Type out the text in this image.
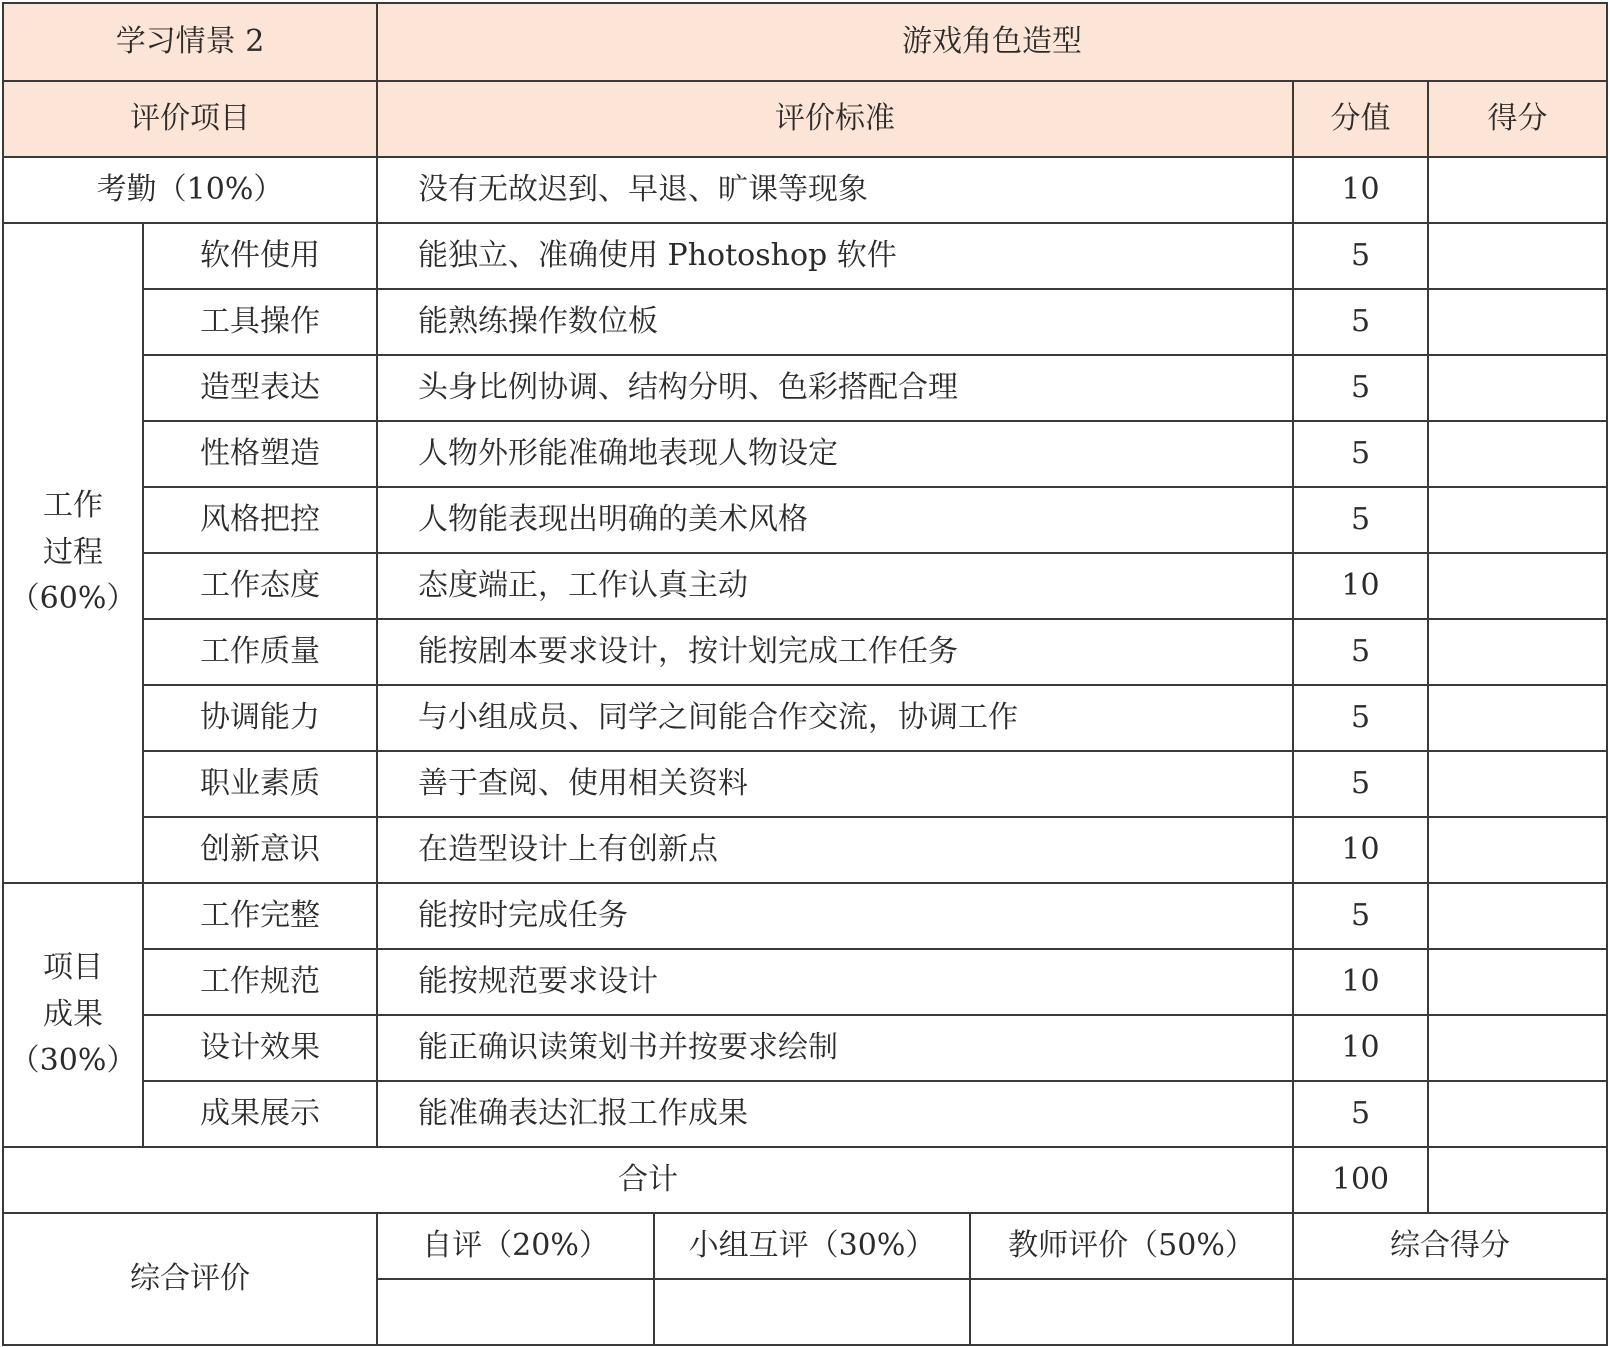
学习情景 2		游戏角色造型				
评价项目		评价标准			分值	得分
考勤（10%）		没有无故迟到、早退、旷课等现象			10	

工作
过程
（60%）	软件使用	能独立、准确使用 Photoshop 软件			5	
	工具操作	能熟练操作数位板			5	
	造型表达	头身比例协调、结构分明、色彩搭配合理			5	
	性格塑造	人物外形能准确地表现人物设定			5	
	风格把控	人物能表现出明确的美术风格			5	
	工作态度	态度端正，工作认真主动			10	
	工作质量	能按剧本要求设计，按计划完成工作任务			5	
	协调能力	与小组成员、同学之间能合作交流，协调工作			5	
	职业素质	善于查阅、使用相关资料			5	
	创新意识	在造型设计上有创新点			10	

项目
成果
（30%）	工作完整	能按时完成任务			5	
	工作规范	能按规范要求设计			10	
	设计效果	能正确识读策划书并按要求绘制			10	
	成果展示	能准确表达汇报工作成果			5	
合计					100	
综合评价		自评（20%）	小组互评（30%）	教师评价（50%）	综合得分	
